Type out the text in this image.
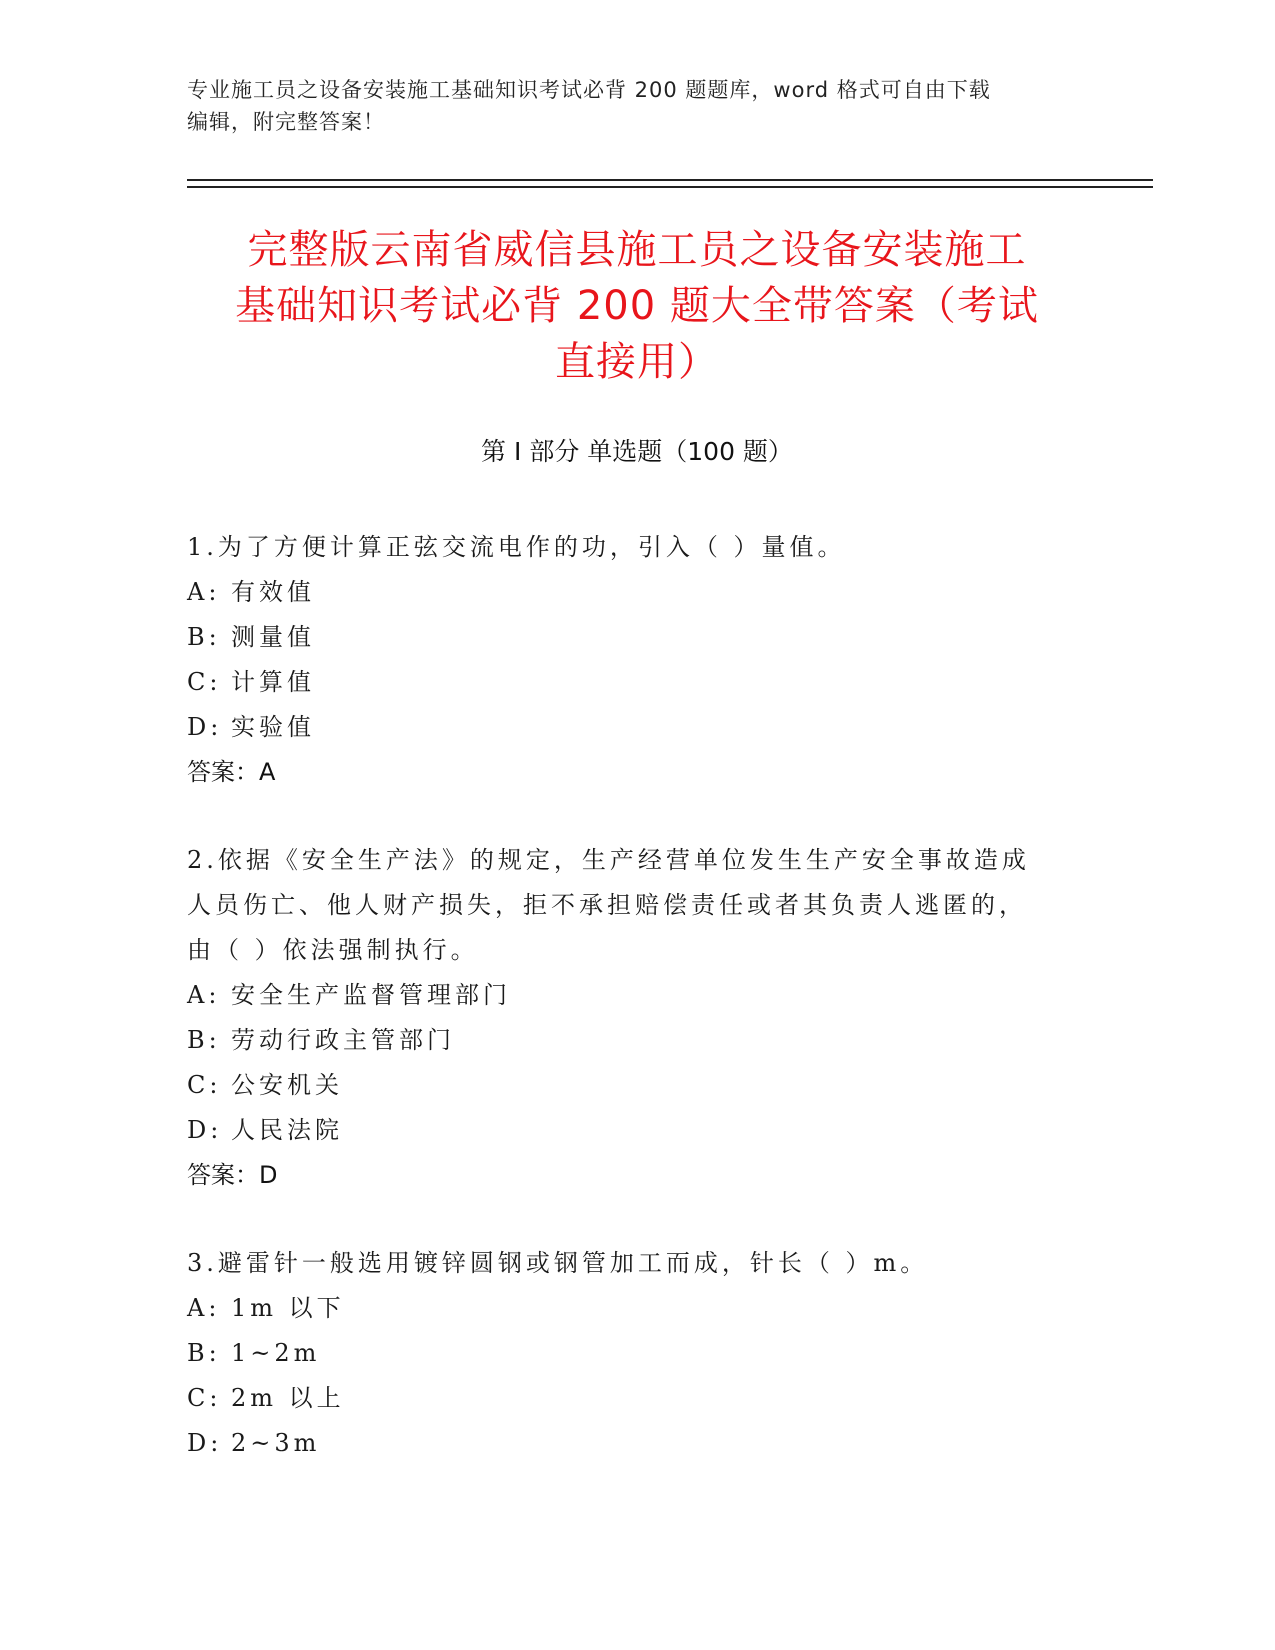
专业施工员之设备安装施工基础知识考试必背 200 题题库，word 格式可自由下载
编辑，附完整答案！
完整版云南省威信县施工员之设备安装施工
基础知识考试必背 200 题大全带答案（考试
直接用）
第 I 部分 单选题（100 题）
1.为了方便计算正弦交流电作的功，引入（ ）量值。
A: 有效值
B: 测量值
C: 计算值
D: 实验值
答案：A
2.依据《安全生产法》的规定，生产经营单位发生生产安全事故造成
人员伤亡、他人财产损失，拒不承担赔偿责任或者其负责人逃匿的，
由（ ）依法强制执行。
A: 安全生产监督管理部门
B: 劳动行政主管部门
C: 公安机关
D: 人民法院
答案：D
3.避雷针一般选用镀锌圆钢或钢管加工而成，针长（ ）m。
A: 1m 以下
B: 1~2m
C: 2m 以上
D: 2~3m
